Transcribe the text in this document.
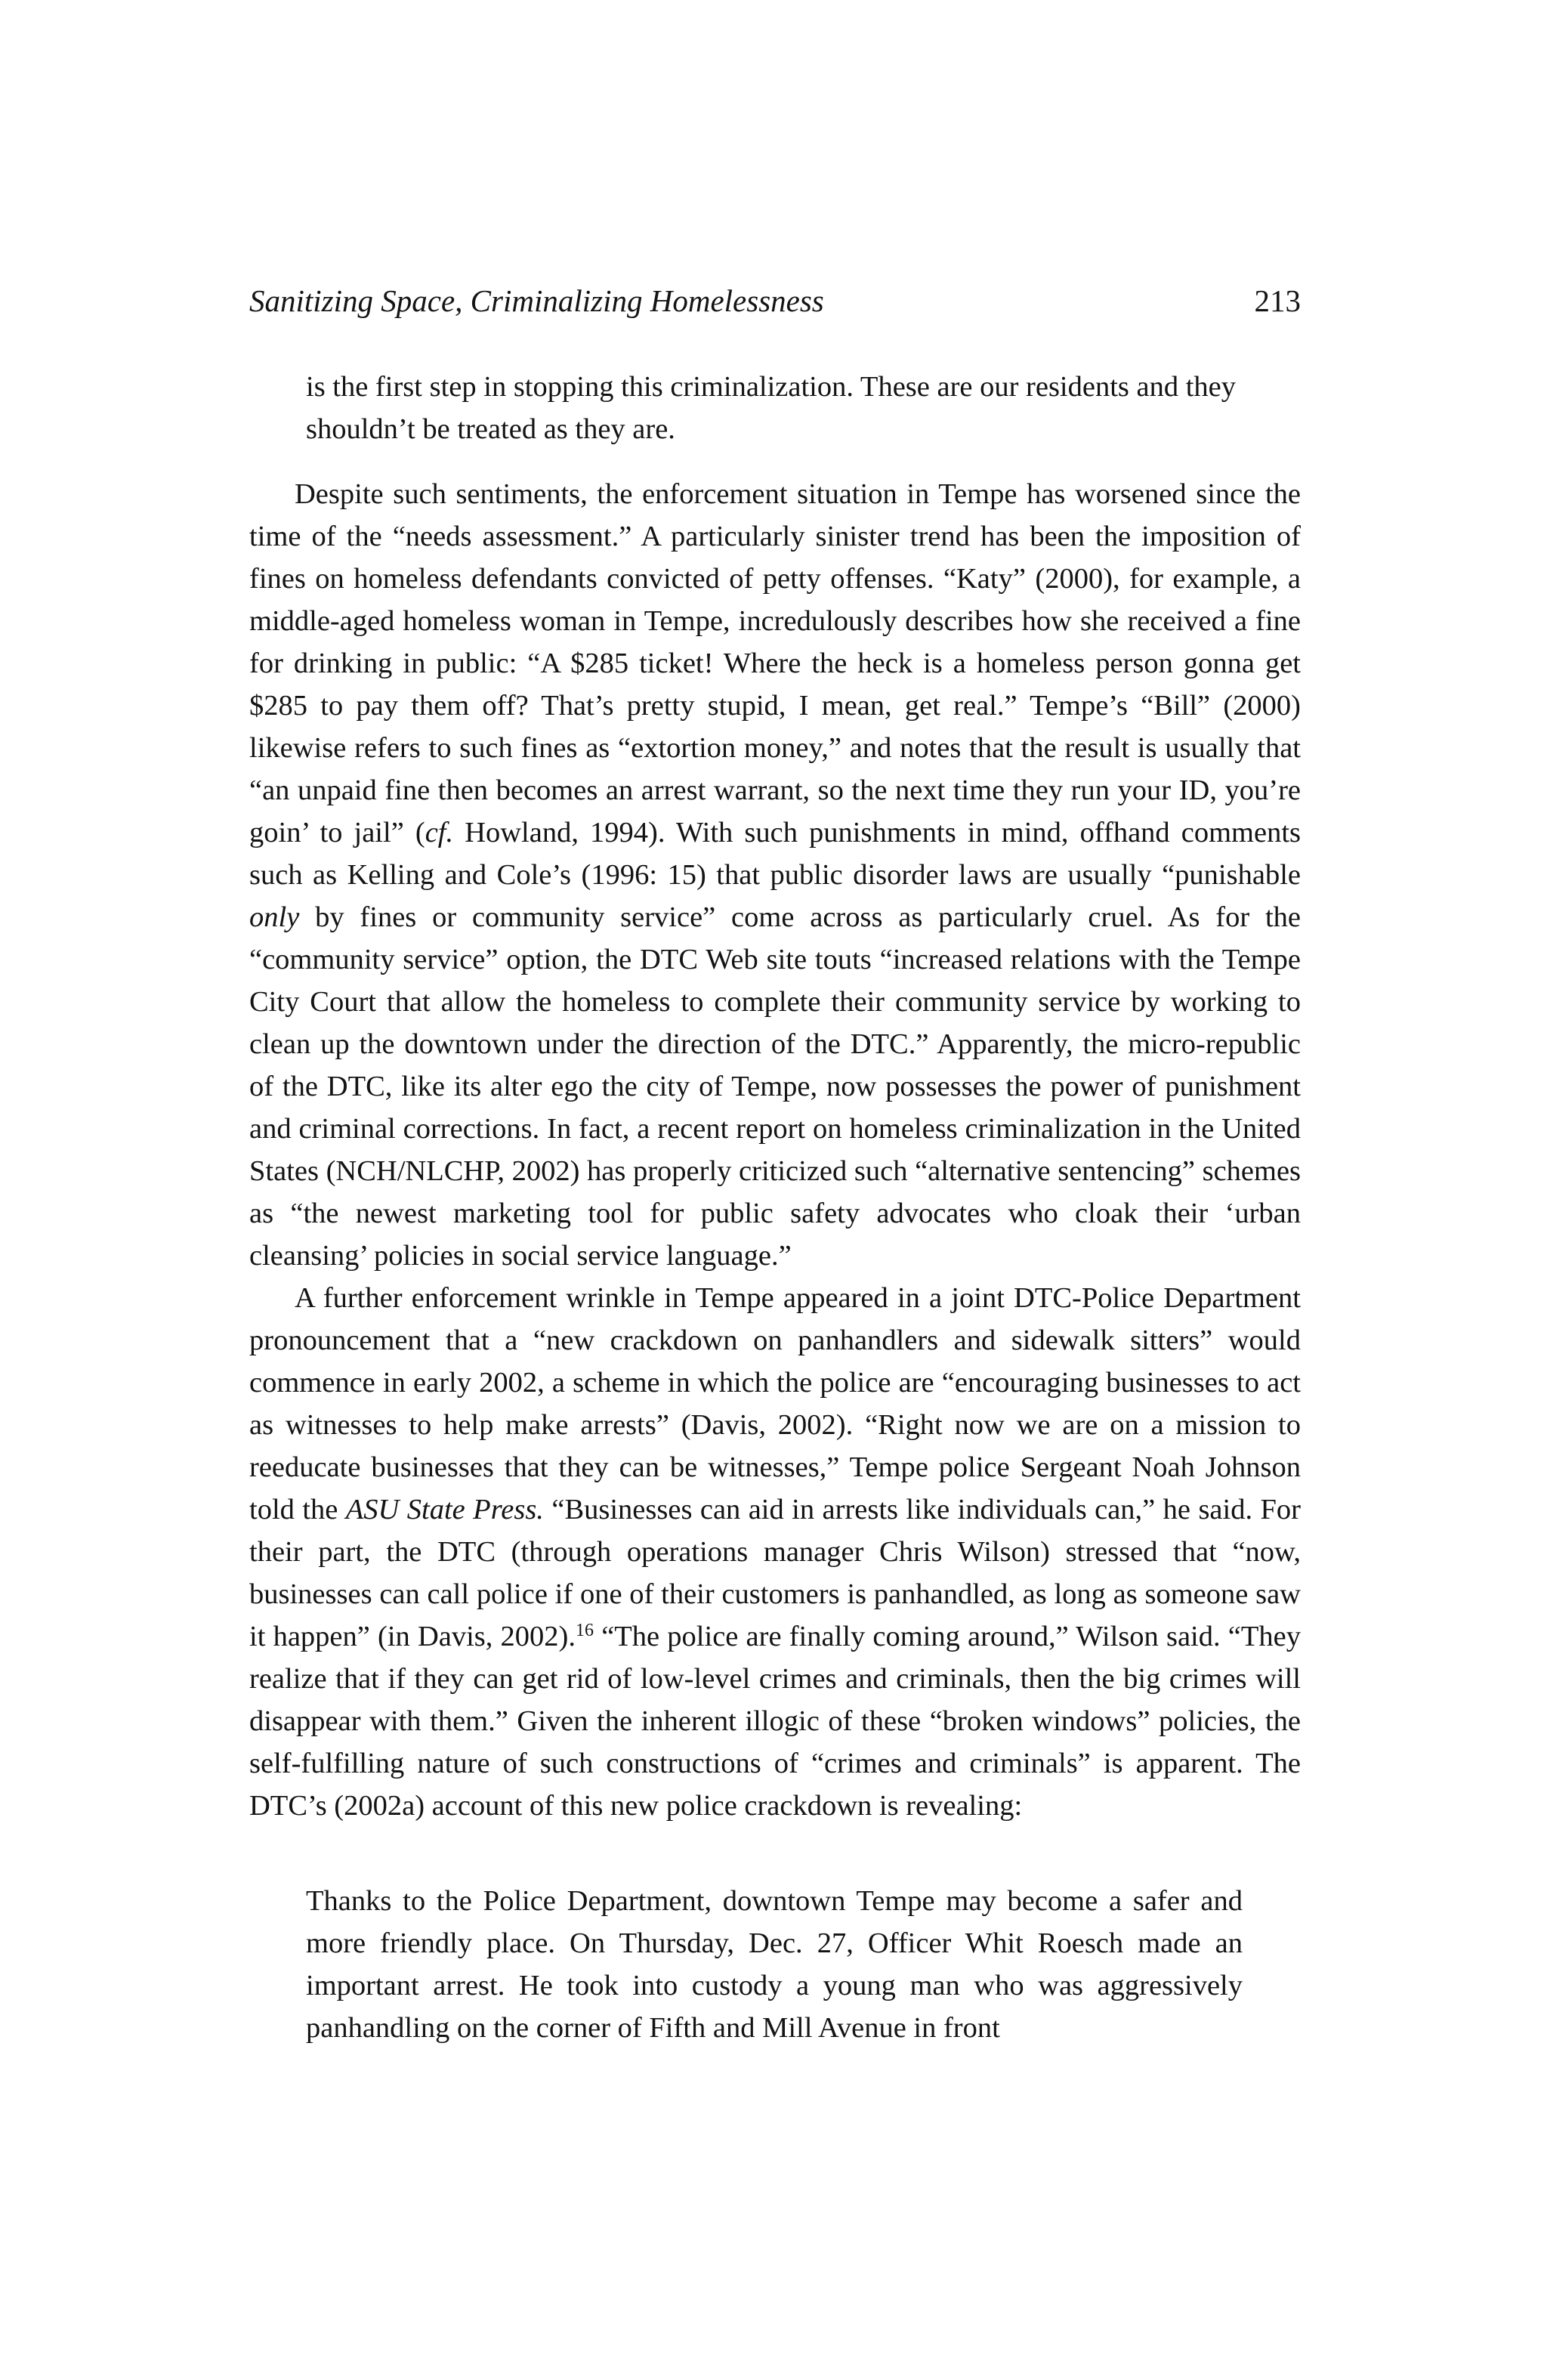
Sanitizing Space, Criminalizing Homelessness	213

is the first step in stopping this criminalization. These are our residents and they shouldn’t be treated as they are.

Despite such sentiments, the enforcement situation in Tempe has worsened since the time of the “needs assessment.” A particularly sinister trend has been the imposition of fines on homeless defendants convicted of petty offenses. “Katy” (2000), for example, a middle-aged homeless woman in Tempe, incredulously describes how she received a fine for drinking in public: “A $285 ticket! Where the heck is a homeless person gonna get $285 to pay them off? That’s pretty stupid, I mean, get real.” Tempe’s “Bill” (2000) likewise refers to such fines as “extortion money,” and notes that the result is usually that “an unpaid fine then becomes an arrest warrant, so the next time they run your ID, you’re goin’ to jail” (cf. Howland, 1994). With such punishments in mind, offhand comments such as Kelling and Cole’s (1996: 15) that public disorder laws are usually “punishable only by fines or community service” come across as particularly cruel. As for the “community service” option, the DTC Web site touts “increased relations with the Tempe City Court that allow the homeless to complete their community service by working to clean up the downtown under the direction of the DTC.” Apparently, the micro-republic of the DTC, like its alter ego the city of Tempe, now possesses the power of punishment and criminal corrections. In fact, a recent report on homeless criminalization in the United States (NCH/NLCHP, 2002) has properly criticized such “alternative sentencing” schemes as “the newest marketing tool for public safety advocates who cloak their ‘urban cleansing’ policies in social service language.”

A further enforcement wrinkle in Tempe appeared in a joint DTC-Police Department pronouncement that a “new crackdown on panhandlers and sidewalk sitters” would commence in early 2002, a scheme in which the police are “encouraging businesses to act as witnesses to help make arrests” (Davis, 2002). “Right now we are on a mission to reeducate businesses that they can be witnesses,” Tempe police Sergeant Noah Johnson told the ASU State Press. “Businesses can aid in arrests like individuals can,” he said. For their part, the DTC (through operations manager Chris Wilson) stressed that “now, businesses can call police if one of their customers is panhandled, as long as someone saw it happen” (in Davis, 2002).$^{16}$ “The police are finally coming around,” Wilson said. “They realize that if they can get rid of low-level crimes and criminals, then the big crimes will disappear with them.” Given the inherent illogic of these “broken windows” policies, the self-fulfilling nature of such constructions of “crimes and criminals” is apparent. The DTC’s (2002a) account of this new police crackdown is revealing:

Thanks to the Police Department, downtown Tempe may become a safer and more friendly place. On Thursday, Dec. 27, Officer Whit Roesch made an important arrest. He took into custody a young man who was aggressively panhandling on the corner of Fifth and Mill Avenue in front
